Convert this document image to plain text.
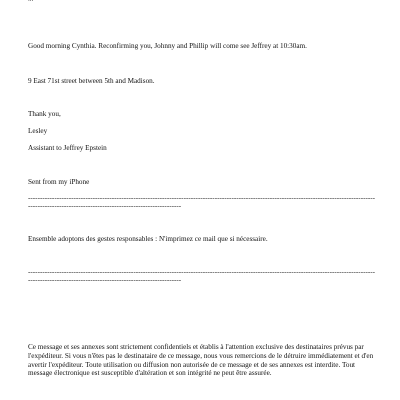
Good morning Cynthia. Reconfirming you, Johnny and Phillip will come see Jeffrey at 10:30am.
9 East 71st street between 5th and Madison.
Thank you,
Lesley
Assistant to Jeffrey Epstein
Sent from my iPhone
-----------------------------------------------------------------------------------------------------------------------------------------------------------------------------------------------------------------
Ensemble adoptons des gestes responsables : N'imprimez ce mail que si nécessaire.
-----------------------------------------------------------------------------------------------------------------------------------------------------------------------------------------------------------------
Ce message et ses annexes sont strictement confidentiels et établis à l'attention exclusive des destinataires prévus par l'expéditeur. Si vous n'êtes pas le destinataire de ce message, nous vous remercions de le détruire immédiatement et d'en avertir l'expéditeur. Toute utilisation ou diffusion non autorisée de ce message et de ses annexes est interdite. Tout message électronique est susceptible d'altération et son intégrité ne peut être assurée.
